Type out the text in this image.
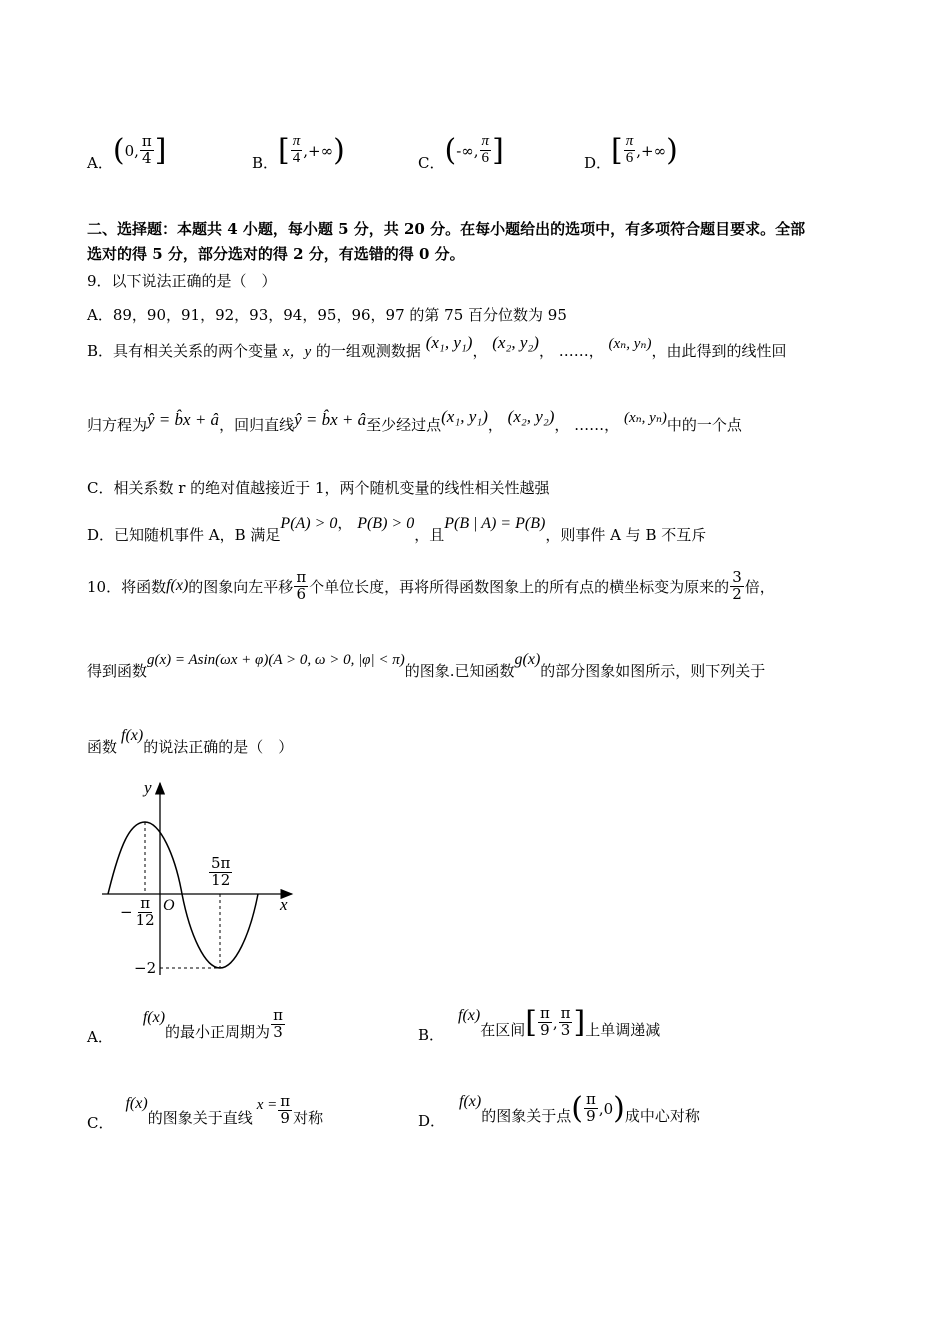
A． ( 0, $\frac{\pi}{4}$ ]	B． [ $\frac{\pi}{4}$ ,+∞ )	C． ( -∞, $\frac{\pi}{6}$ ]	D． [ $\frac{\pi}{6}$ ,+∞ )
二、选择题：本题共 4 小题，每小题 5 分，共 20 分。在每小题给出的选项中，有多项符合题目要求。全部
选对的得 5 分，部分选对的得 2 分，有选错的得 0 分。
9．以下说法正确的是（　）
A．89，90，91，92，93，94，95，96，97 的第 75 百分位数为 95
B．具有相关关系的两个变量 x，y 的一组观测数据 (x₁, y₁)， (x₂, y₂)， ……， (xₙ, yₙ)，由此得到的线性回
归方程为ŷ = b̂x + â，回归直线ŷ = b̂x + â至少经过点(x₁, y₁)， (x₂, y₂)， ……， (xₙ, yₙ)中的一个点
C．相关系数 r 的绝对值越接近于 1，两个随机变量的线性相关性越强
D．已知随机事件 A，B 满足P(A) > 0， P(B) > 0，且P(B | A) = P(B)，则事件 A 与 B 不互斥
10．将函数 f(x) 的图象向左平移 $\frac{\pi}{6}$ 个单位长度，再将所得函数图象上的所有点的横坐标变为原来的 $\frac{3}{2}$ 倍，
得到函数g(x) = Asin(ωx + φ)(A > 0, ω > 0, |φ| < π)的图象.已知函数g(x)的部分图象如图所示，则下列关于
函数f(x)的说法正确的是（　）
y
x
O
− $\frac{\pi}{12}$
$\frac{5\pi}{12}$
−2
A．
f(x)
的最小正周期为 $\frac{\pi}{3}$	B．
f(x)
在区间 [ $\frac{\pi}{9}$ , $\frac{\pi}{3}$ ] 上单调递减
C．
f(x)
的图象关于直线
$x = \frac{\pi}{9}$ 对称	D．
f(x)
的图象关于点 ( $\frac{\pi}{9} ,0$ ) 成中心对称
